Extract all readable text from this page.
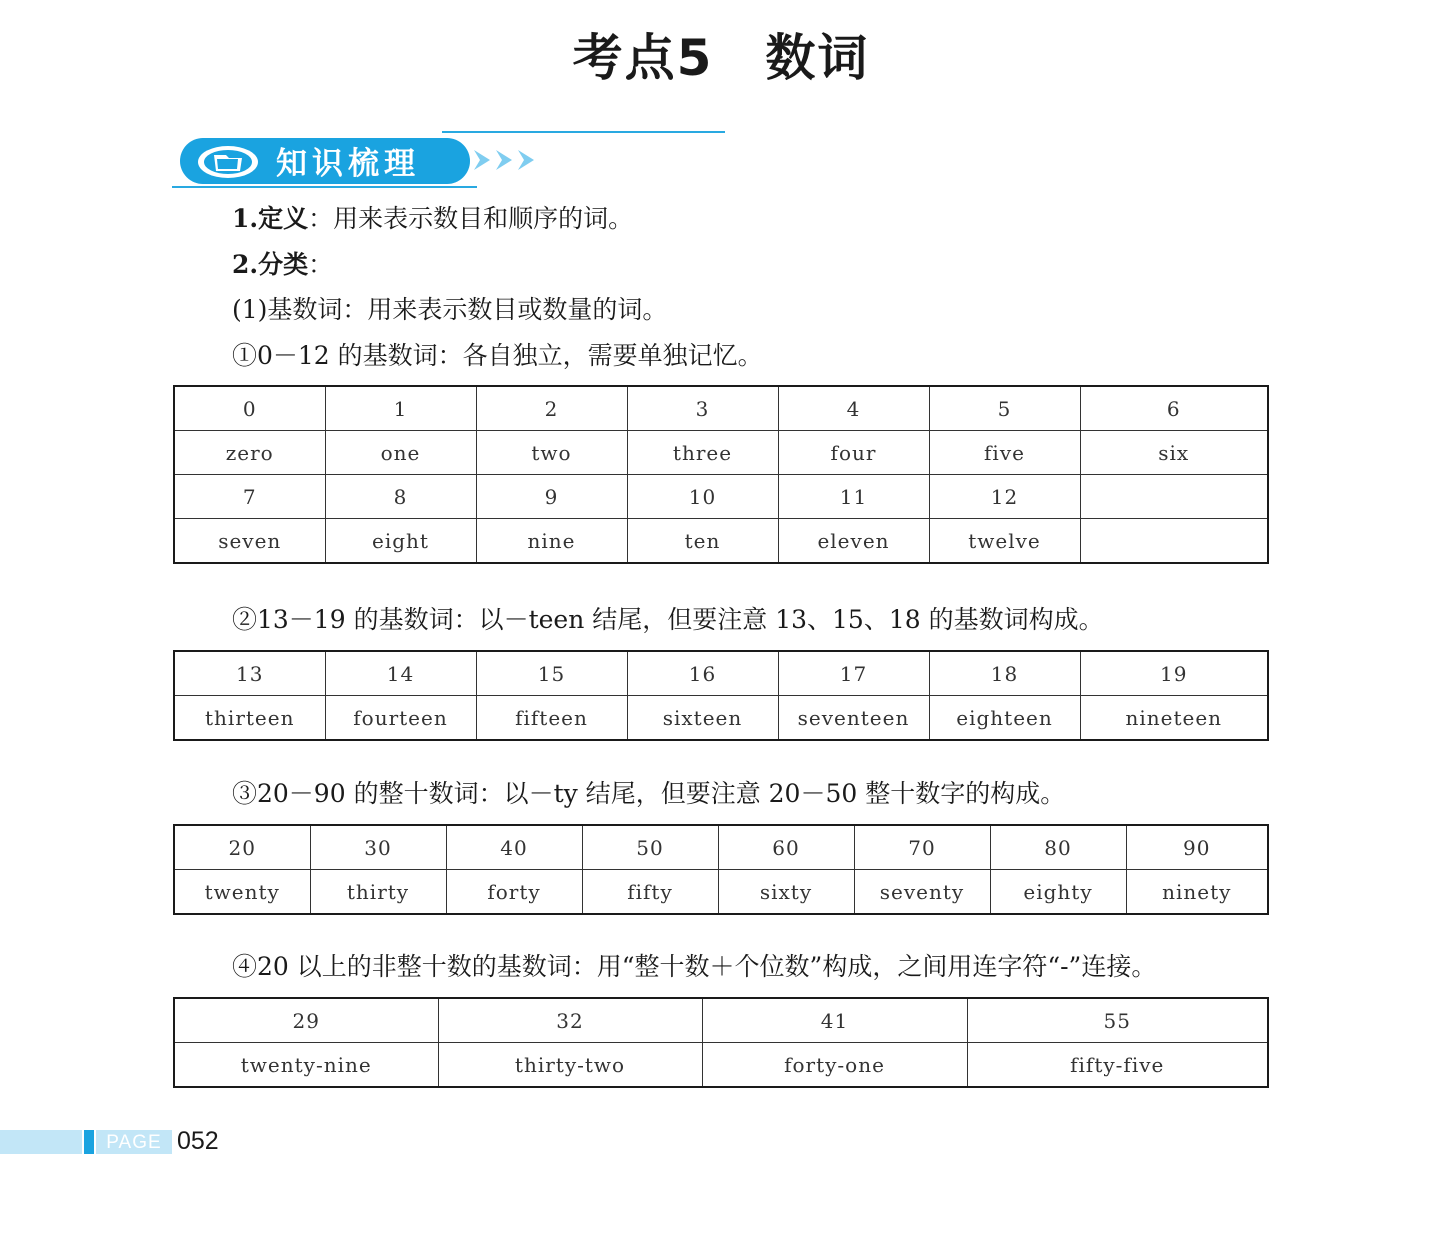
考点5　数词
知识梳理
1.定义：用来表示数目和顺序的词。
2.分类：
(1)基数词：用来表示数目或数量的词。
①0－12 的基数词：各自独立，需要单独记忆。
0	1	2	3	4	5	6
zero	one	two	three	four	five	six
7	8	9	10	11	12	
seven	eight	nine	ten	eleven	twelve	
②13－19 的基数词：以－teen 结尾，但要注意 13、15、18 的基数词构成。
13	14	15	16	17	18	19
thirteen	fourteen	fifteen	sixteen	seventeen	eighteen	nineteen
③20－90 的整十数词：以－ty 结尾，但要注意 20－50 整十数字的构成。
20	30	40	50	60	70	80	90
twenty	thirty	forty	fifty	sixty	seventy	eighty	ninety
④20 以上的非整十数的基数词：用“整十数＋个位数”构成，之间用连字符“-”连接。
29	32	41	55
twenty-nine	thirty-two	forty-one	fifty-five
PAGE 052
